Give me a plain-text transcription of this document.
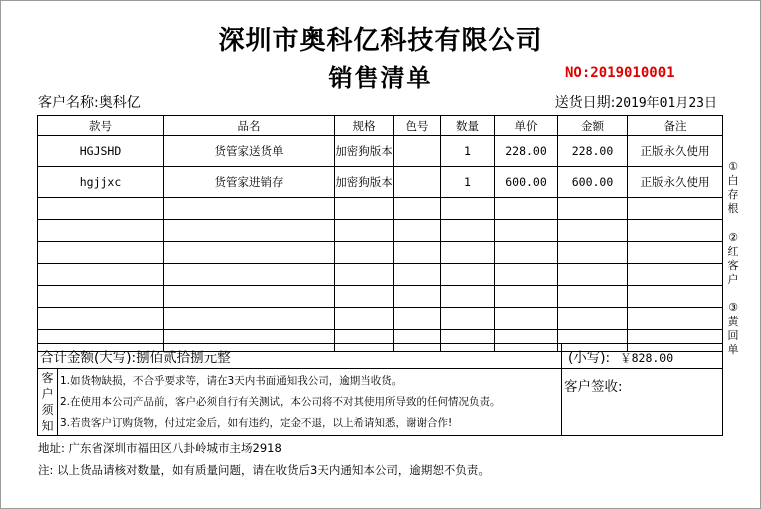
深圳市奥科亿科技有限公司
销售清单	NO:2019010001
客户名称:奥科亿	送货日期:2019年01月23日
款号	品名	规格	色号	数量	单价	金额	备注
HGJSHD	货管家送货单	加密狗版本		1	228.00	228.00	正版永久使用
hgjjxc	货管家进销存	加密狗版本		1	600.00	600.00	正版永久使用

合计金额(大写):捌佰贰拾捌元整		(小写): ￥828.00
客户须知	1.如货物缺损，不合乎要求等，请在3天内书面通知我公司，逾期当收货。
2.在使用本公司产品前，客户必须自行有关测试，本公司将不对其使用所导致的任何情况负责。
3.若贵客户订购货物，付过定金后，如有违约，定金不退，以上希请知悉，谢谢合作!	客户签收:
①白存根
②红客户
③黄回单
地址: 广东省深圳市福田区八卦岭城市主场2918
注: 以上货品请核对数量，如有质量问题，请在收货后3天内通知本公司，逾期恕不负责。
